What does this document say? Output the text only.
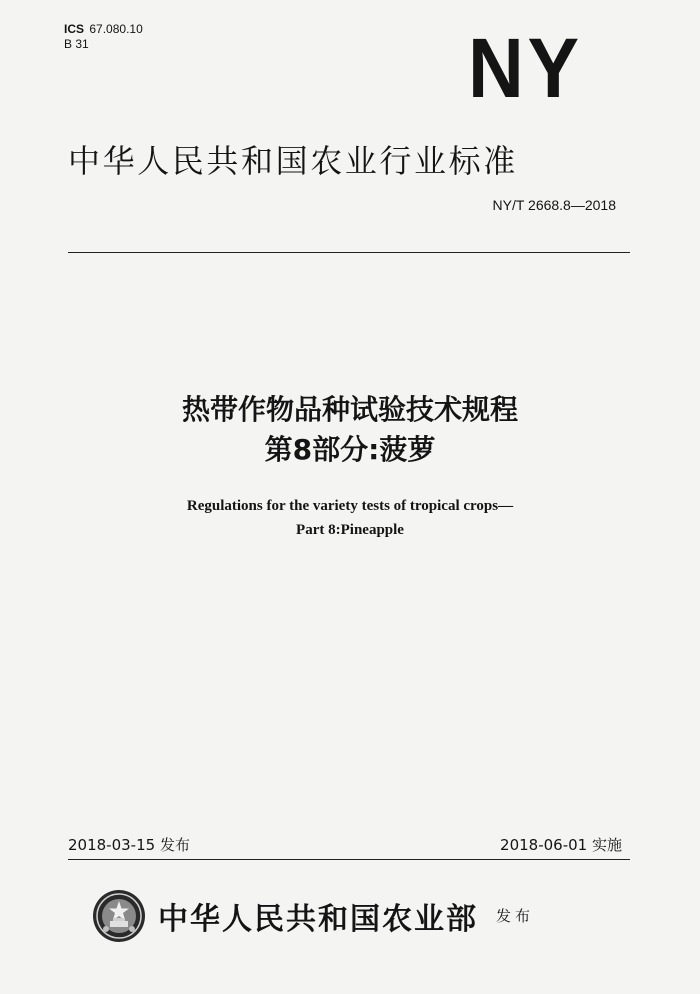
ICS 67.080.10
B 31	NY
中华人民共和国农业行业标准
NY/T 2668.8—2018
热带作物品种试验技术规程
第8部分:菠萝
Regulations for the variety tests of tropical crops—
Part 8:Pineapple
2018-03-15 发布	2018-06-01 实施
中华人民共和国农业部 发布
